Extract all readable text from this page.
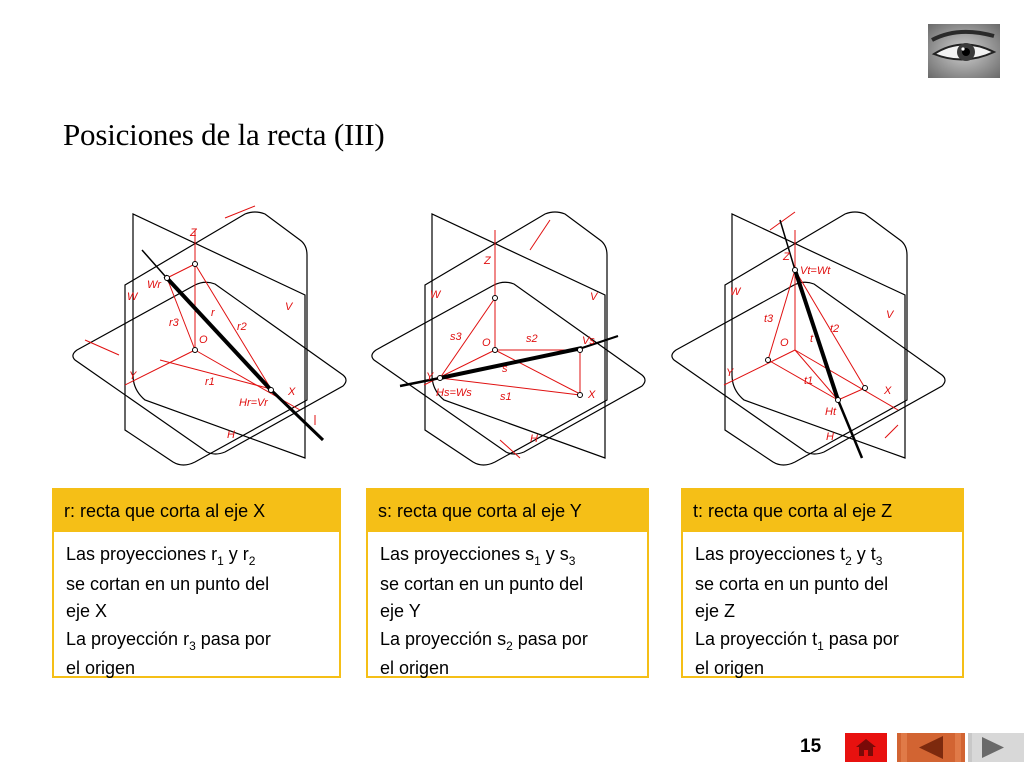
Posiciones de la recta (III)
Z
W
V
H
O
Y
X
r1
r2
r3
r
Wr
Hr=Vr
Z
W	V
H
O
Y
X
s1
s2
s3
s
Vs
Hs=Ws
Z
W
V
H
O
Y
X
t1
t2
t3
t
Vt=Wt
Ht
r: recta que corta al eje X
Las proyecciones $r_1$ y $r_2$
se cortan en un punto del
eje X
La proyección $r_3$ pasa por
el origen
s: recta que corta al eje Y
Las proyecciones $s_1$ y $s_3$
se cortan en un punto del
eje Y
La proyección $s_2$ pasa por
el origen
t: recta que corta al eje Z
Las proyecciones $t_2$ y $t_3$
se corta en un punto del
eje Z
La proyección $t_1$ pasa por
el origen
15
